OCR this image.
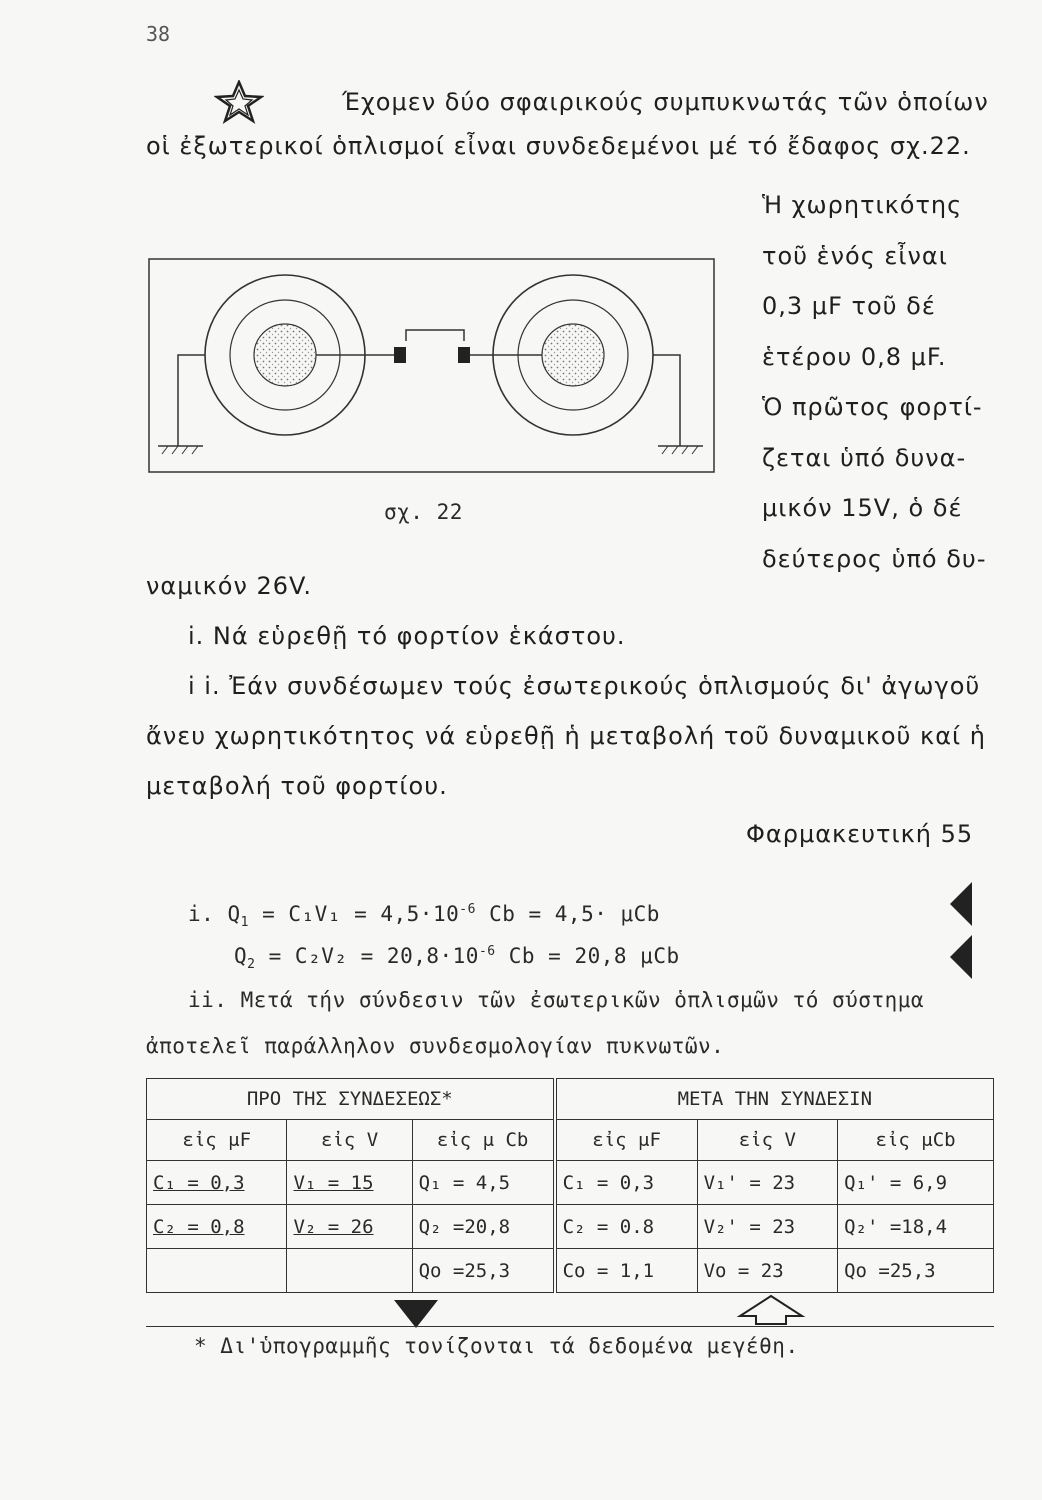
38
Έχομεν δύο σφαιρικούς συμπυκνωτάς τῶν ὁποίων
οἱ ἐξωτερικοί ὁπλισμοί εἶναι συνδεδεμένοι μέ τό ἔδαφος σχ.22.
Ἡ χωρητικότης
τοῦ ἑνός εἶναι
0,3 μF τοῦ δέ
ἑτέρου 0,8 μF.
Ὁ πρῶτος φορτί-
ζεται ὑπό δυνα-
μικόν 15V, ὁ δέ
δεύτερος ὑπό δυ-
σχ. 22
ναμικόν 26V.
i. Νά εὑρεθῇ τό φορτίον ἑκάστου.
i i. Ἐάν συνδέσωμεν τούς ἐσωτερικούς ὁπλισμούς δι' ἀγωγοῦ
ἄνευ χωρητικότητος νά εὑρεθῇ ἡ μεταβολή τοῦ δυναμικοῦ καί ἡ
μεταβολή τοῦ φορτίου.
Φαρμακευτική 55
i. $Q_1 = C_1V_1 = 4,5\cdot 10^{-6}$ Cb = 4,5· μCb
$Q_2 = C_2V_2 = 20,8\cdot 10^{-6}$ Cb = 20,8 μCb
ii. Μετά τήν σύνδεσιν τῶν ἐσωτερικῶν ὁπλισμῶν τό σύστημα
ἀποτελεῖ παράλληλον συνδεσμολογίαν πυκνωτῶν.
ΠΡΟ ΤΗΣ ΣΥΝΔΕΣΕΩΣ*			ΜΕΤΑ ΤΗΝ ΣΥΝΔΕΣΙΝ		
εἰς μF	εἰς V	εἰς μ Cb	εἰς μF	εἰς V	εἰς μCb
C₁ = 0,3	V₁ = 15	Q₁ = 4,5	C₁ = 0,3	V₁' = 23	Q₁' = 6,9
C₂ = 0,8	V₂ = 26	Q₂ =20,8	C₂ = 0.8	V₂' = 23	Q₂' =18,4
		Qo =25,3	Co = 1,1	Vo = 23	Qo =25,3
* Δι'ὑπογραμμῆς τονίζονται τά δεδομένα μεγέθη.
